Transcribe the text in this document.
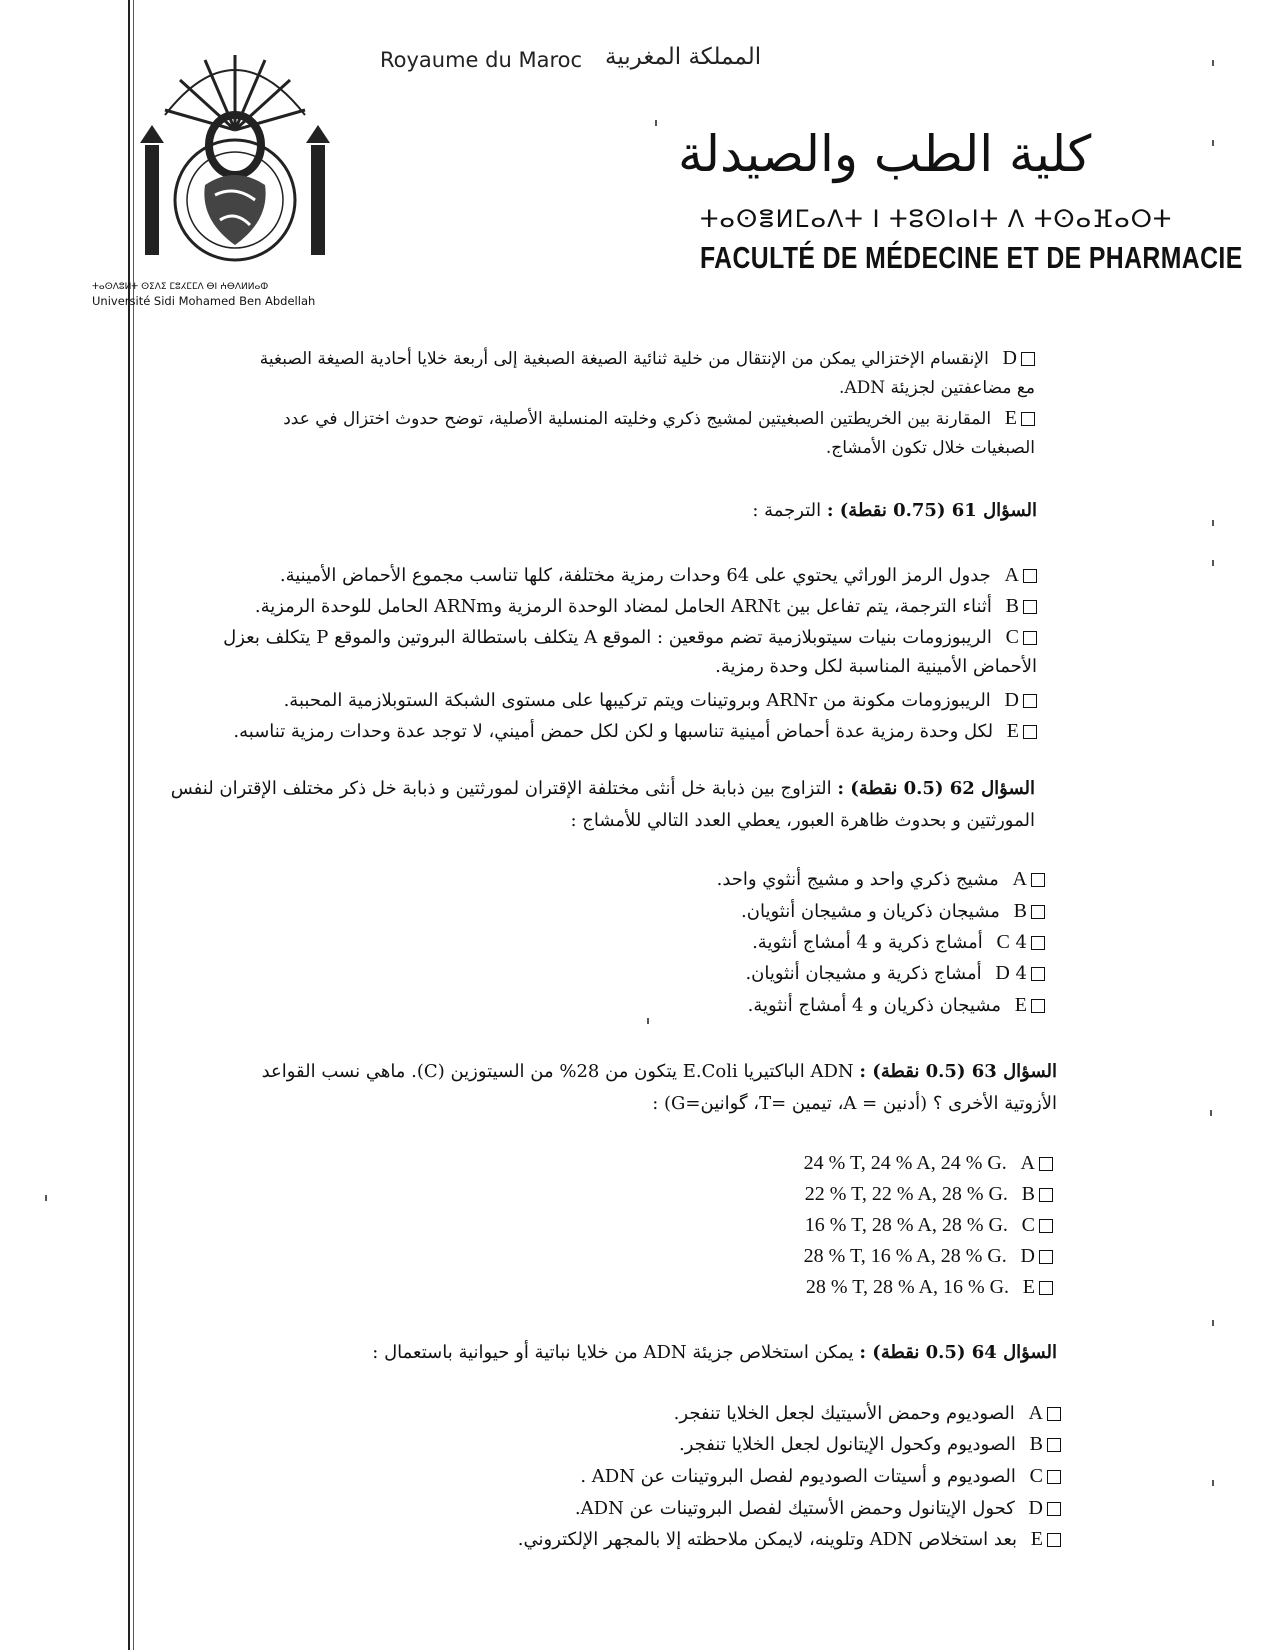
ⵜⴰⵙⴷⵓⵍⵜ ⵙⵉⴷⵉ ⵎⵓⵃⵎⵎⴷ ⴱⵏ ⵄⴱⴷⵍⵍⴰⵀ
Université Sidi Mohamed Ben Abdellah
Royaume du Maroc المملكة المغربية
كلية الطب والصيدلة
ⵜⴰⵙⴻⵍⵎⴰⴷⵜ ⵏ ⵜⵓⵙⵏⴰⵏⵜ ⴷ ⵜⵙⴰⴼⴰⵔⵜ
FACULTÉ DE MÉDECINE ET DE PHARMACIE
D الإنقسام الإختزالي يمكن من الإنتقال من خلية ثنائية الصيغة الصبغية إلى أربعة خلايا أحادية الصيغة الصبغية
مع مضاعفتين لجزيئة ADN.
E المقارنة بين الخريطتين الصبغيتين لمشيج ذكري وخليته المنسلية الأصلية، توضح حدوث اختزال في عدد
الصبغيات خلال تكون الأمشاج.
السؤال 61 (0.75 نقطة) : الترجمة :
A جدول الرمز الوراثي يحتوي على 64 وحدات رمزية مختلفة، كلها تناسب مجموع الأحماض الأمينية.
B أثناء الترجمة، يتم تفاعل بين ARNt الحامل لمضاد الوحدة الرمزية وARNm الحامل للوحدة الرمزية.
C الريبوزومات بنيات سيتوبلازمية تضم موقعين : الموقع A يتكلف باستطالة البروتين والموقع P يتكلف بعزل
الأحماض الأمينية المناسبة لكل وحدة رمزية.
D الريبوزومات مكونة من ARNr وبروتينات ويتم تركيبها على مستوى الشبكة الستوبلازمية المحببة.
E لكل وحدة رمزية عدة أحماض أمينية تناسبها و لكن لكل حمض أميني، لا توجد عدة وحدات رمزية تناسبه.
السؤال 62 (0.5 نقطة) : التزاوج بين ذبابة خل أنثى مختلفة الإقتران لمورثتين و ذبابة خل ذكر مختلف الإقتران لنفس
المورثتين و بحدوث ظاهرة العبور، يعطي العدد التالي للأمشاج :
A مشيج ذكري واحد و مشيج أنثوي واحد.
B مشيجان ذكريان و مشيجان أنثويان.
C 4 أمشاج ذكرية و 4 أمشاج أنثوية.
D 4 أمشاج ذكرية و مشيجان أنثويان.
E مشيجان ذكريان و 4 أمشاج أنثوية.
السؤال 63 (0.5 نقطة) : ADN الباكتيريا E.Coli يتكون من 28% من السيتوزين (C). ماهي نسب القواعد
الأزوتية الأخرى ؟ (أدنين = A، تيمين =T، گوانين=G) :
24 % T, 24 % A, 24 % G. A
22 % T, 22 % A, 28 % G. B
16 % T, 28 % A, 28 % G. C
28 % T, 16 % A, 28 % G. D
28 % T, 28 % A, 16 % G. E
السؤال 64 (0.5 نقطة) : يمكن استخلاص جزيئة ADN من خلايا نباتية أو حيوانية باستعمال :
A الصوديوم وحمض الأسيتيك لجعل الخلايا تنفجر.
B الصوديوم وكحول الإيتانول لجعل الخلايا تنفجر.
C الصوديوم و أسيتات الصوديوم لفصل البروتينات عن ADN .
D كحول الإيتانول وحمض الأستيك لفصل البروتينات عن ADN.
E بعد استخلاص ADN وتلوينه، لايمكن ملاحظته إلا بالمجهر الإلكتروني.
